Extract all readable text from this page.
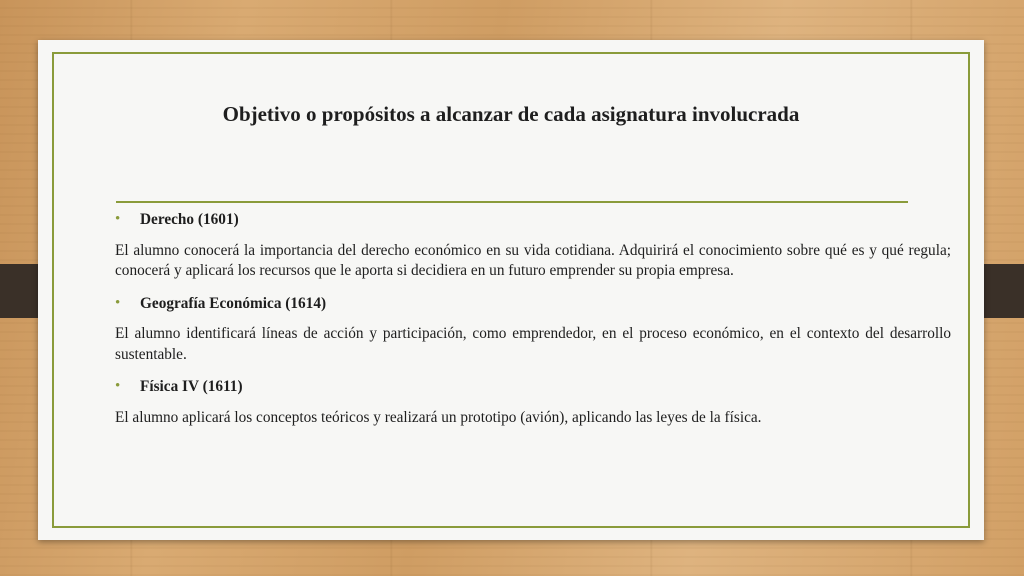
Objetivo o propósitos a alcanzar de cada asignatura involucrada
• Derecho (1601)

El alumno conocerá la importancia del derecho económico en su vida cotidiana. Adquirirá el conocimiento sobre qué es y qué regula; conocerá y aplicará los recursos que le aporta si decidiera en un futuro emprender su propia empresa.

• Geografía Económica (1614)

El alumno identificará líneas de acción y participación, como emprendedor, en el proceso económico, en el contexto del desarrollo sustentable.

• Física IV (1611)

El alumno aplicará los conceptos teóricos y realizará un prototipo (avión), aplicando las leyes de la física.
